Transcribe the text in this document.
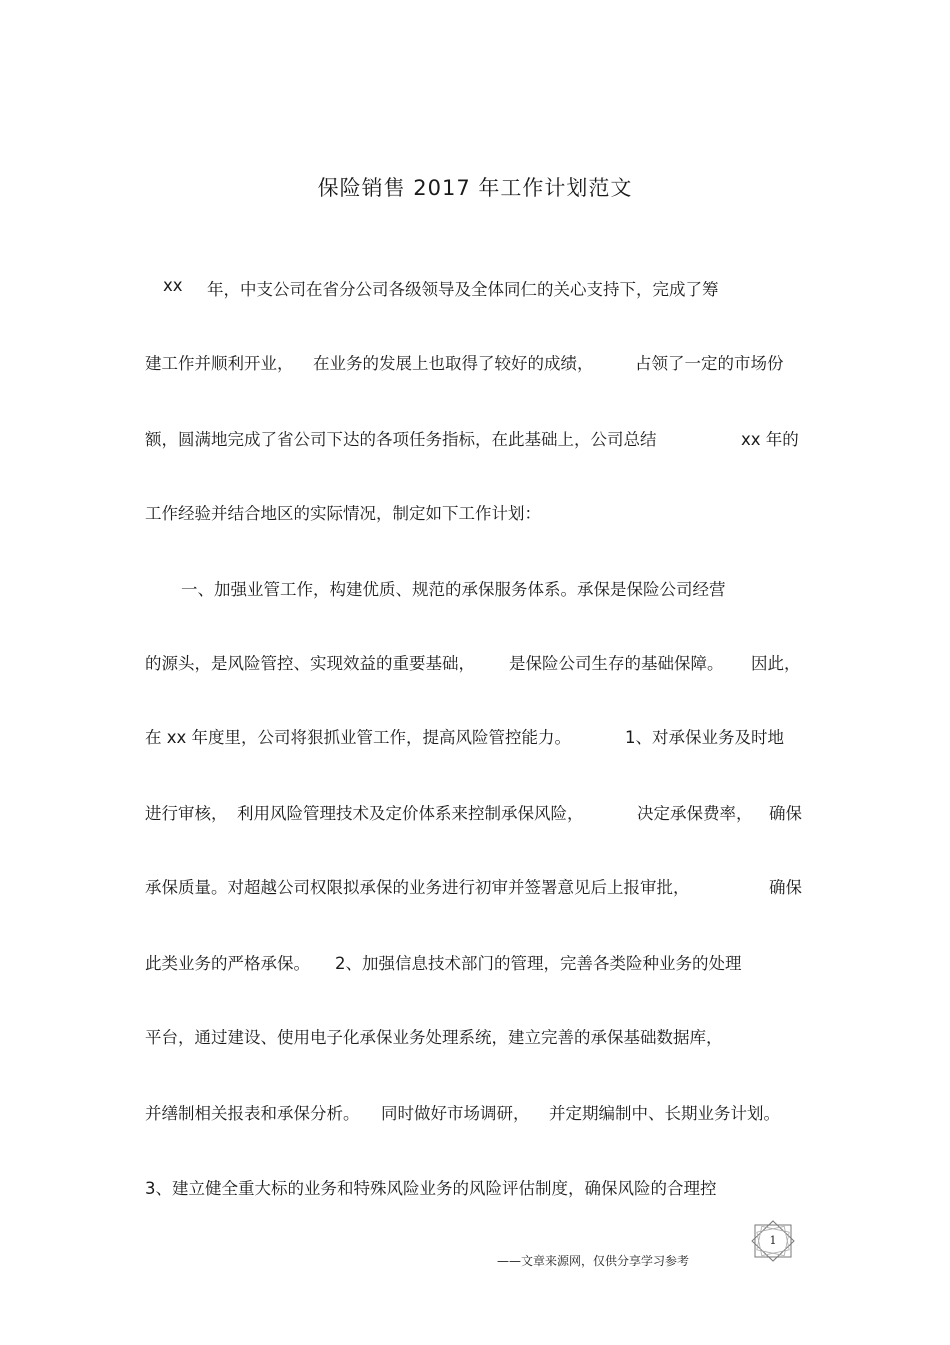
保险销售 2017 年工作计划范文
xx 年，中支公司在省分公司各级领导及全体同仁的关心支持下，完成了筹
建工作并顺利开业， 在业务的发展上也取得了较好的成绩，	占领了一定的市场份
额，圆满地完成了省公司下达的各项任务指标，在此基础上，公司总结	xx 年的
工作经验并结合地区的实际情况，制定如下工作计划：
一、加强业管工作，构建优质、规范的承保服务体系。承保是保险公司经营
的源头，是风险管控、实现效益的重要基础， 是保险公司生存的基础保障。 因此，
在 xx 年度里，公司将狠抓业管工作，提高风险管控能力。	1、对承保业务及时地
进行审核， 利用风险管理技术及定价体系来控制承保风险，	决定承保费率， 确保
承保质量。对超越公司权限拟承保的业务进行初审并签署意见后上报审批，	确保
此类业务的严格承保。 2、加强信息技术部门的管理，完善各类险种业务的处理
平台，通过建设、使用电子化承保业务处理系统，建立完善的承保基础数据库，
并缮制相关报表和承保分析。 同时做好市场调研， 并定期编制中、长期业务计划。
3、建立健全重大标的业务和特殊风险业务的风险评估制度，确保风险的合理控
1
——文章来源网，仅供分享学习参考
